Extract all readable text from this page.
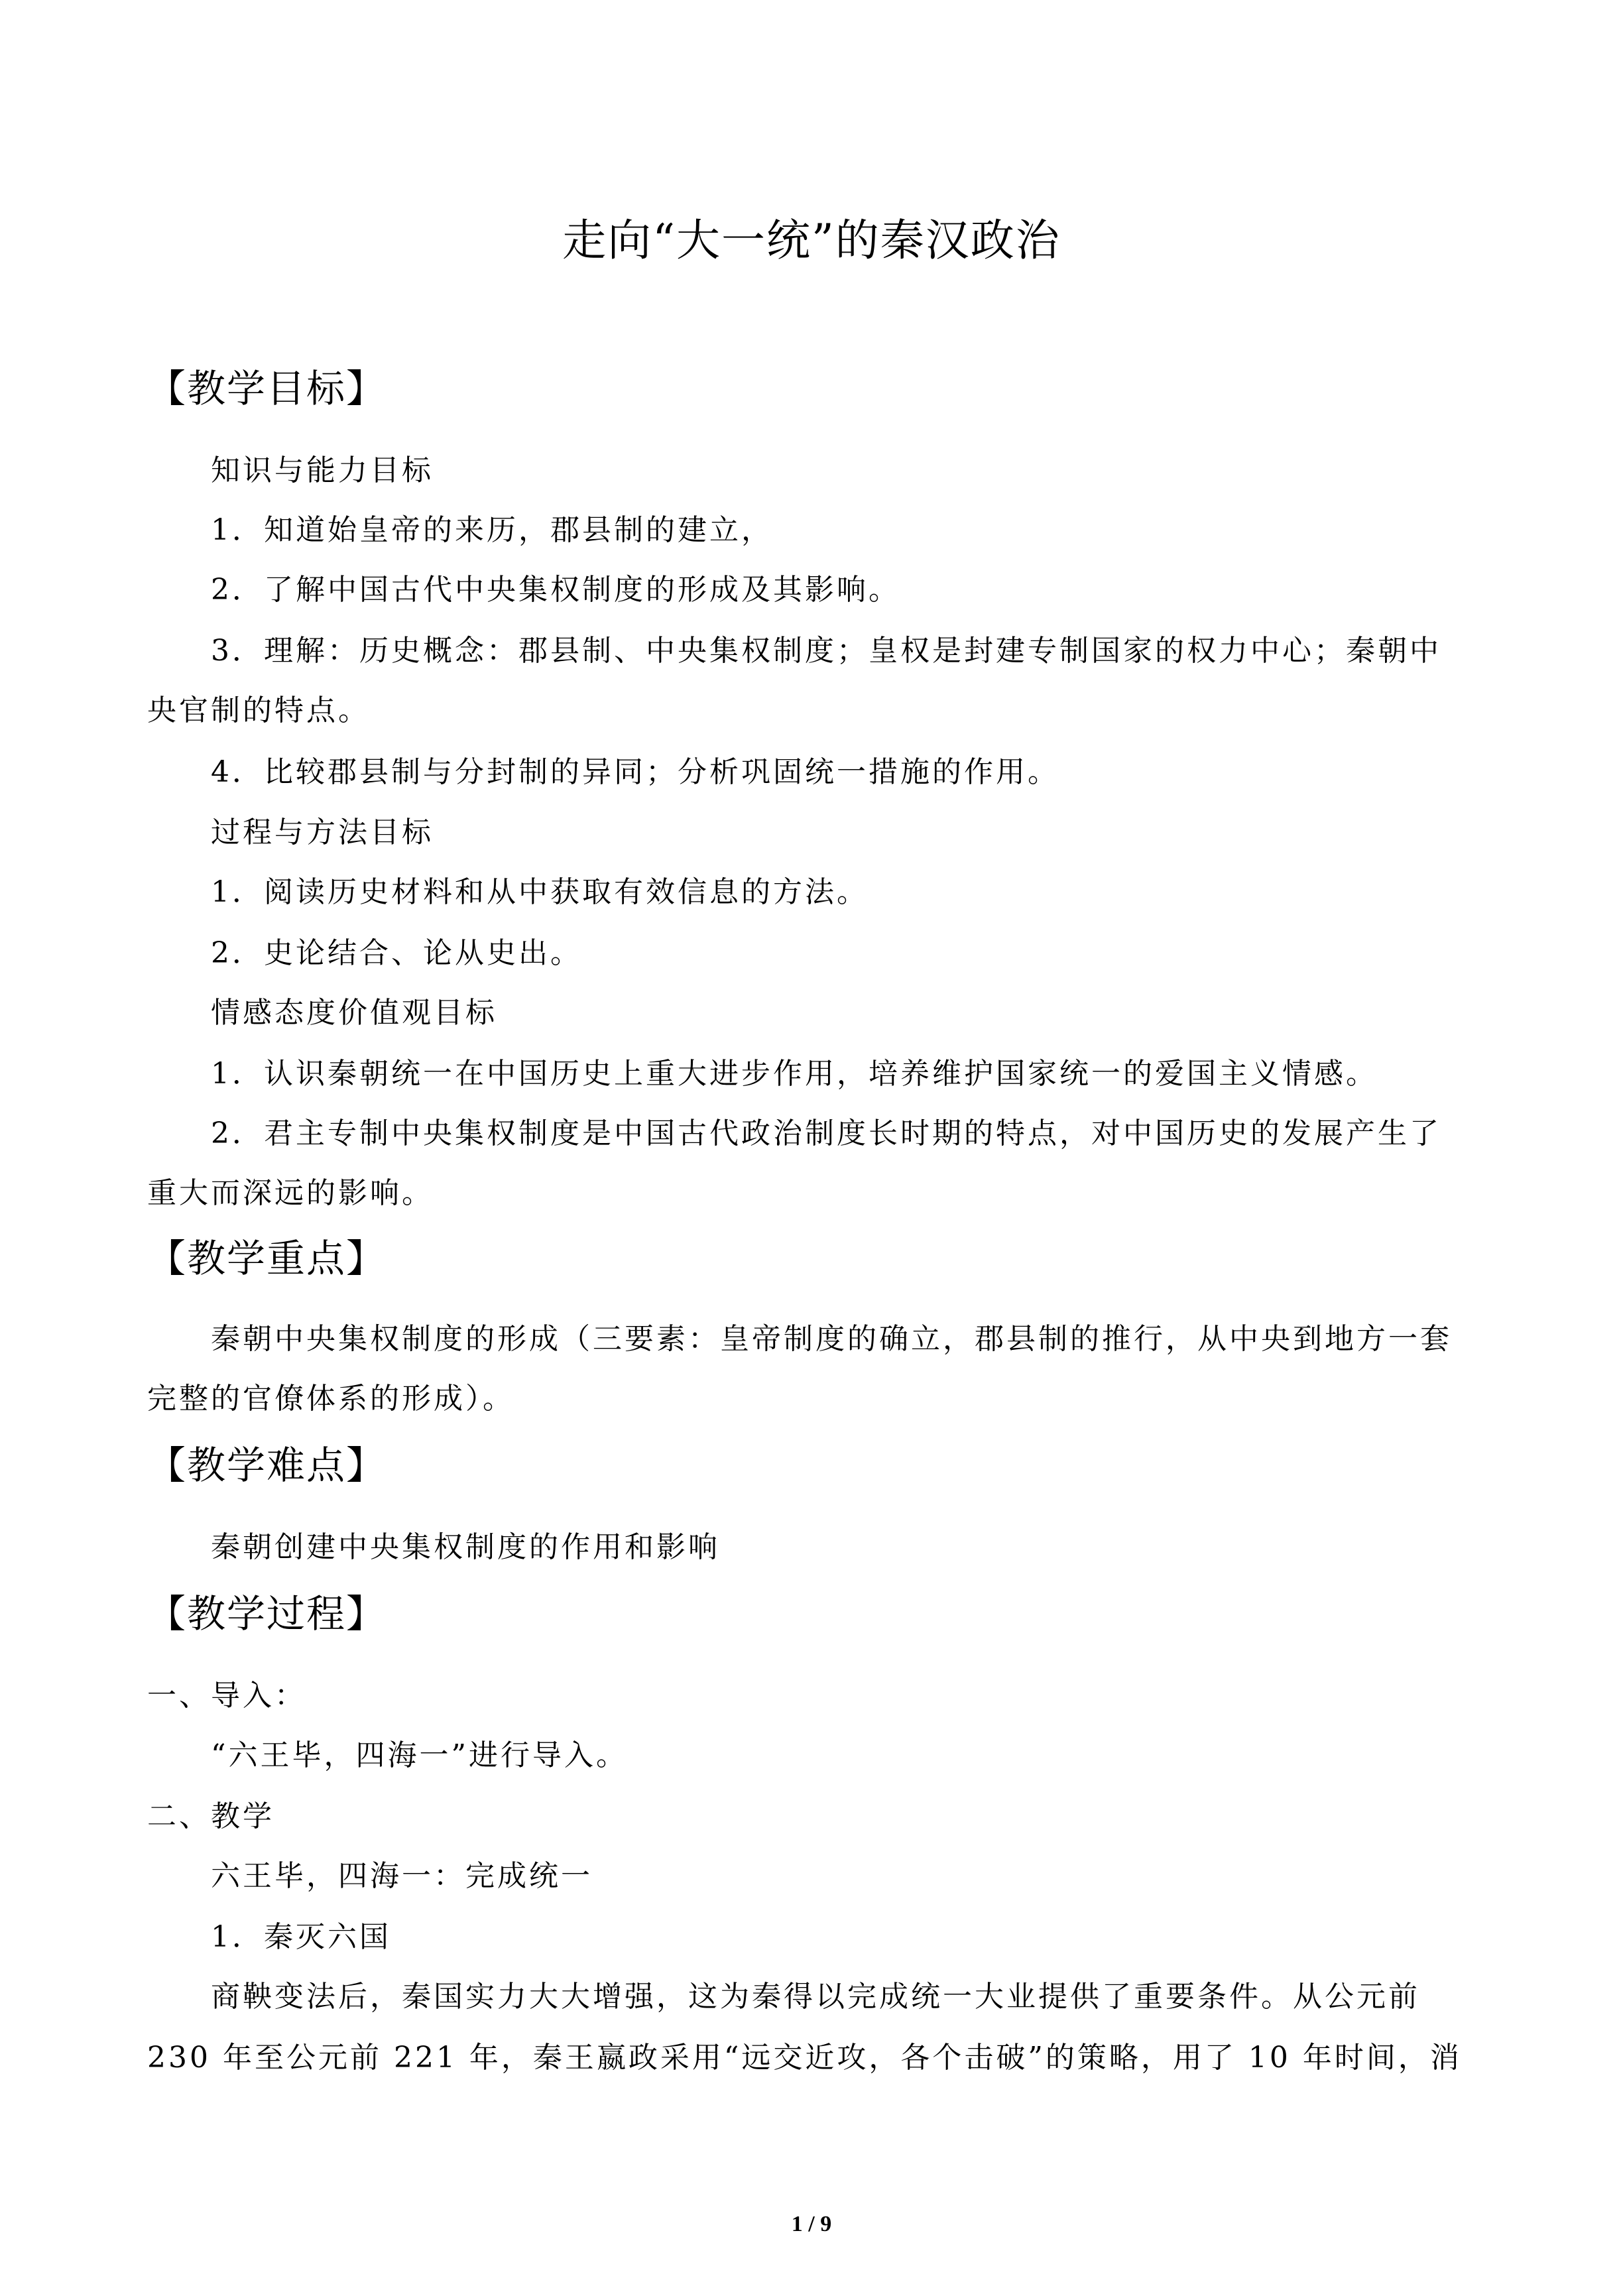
走向“大一统”的秦汉政治
【教学目标】
知识与能力目标
1．知道始皇帝的来历，郡县制的建立，
2．了解中国古代中央集权制度的形成及其影响。
3．理解：历史概念：郡县制、中央集权制度；皇权是封建专制国家的权力中心；秦朝中
央官制的特点。
4．比较郡县制与分封制的异同；分析巩固统一措施的作用。
过程与方法目标
1．阅读历史材料和从中获取有效信息的方法。
2．史论结合、论从史出。
情感态度价值观目标
1．认识秦朝统一在中国历史上重大进步作用，培养维护国家统一的爱国主义情感。
2．君主专制中央集权制度是中国古代政治制度长时期的特点，对中国历史的发展产生了
重大而深远的影响。
【教学重点】
秦朝中央集权制度的形成（三要素：皇帝制度的确立，郡县制的推行，从中央到地方一套
完整的官僚体系的形成）。
【教学难点】
秦朝创建中央集权制度的作用和影响
【教学过程】
一、导入：
“六王毕，四海一”进行导入。
二、教学
六王毕，四海一：完成统一
1．秦灭六国
商鞅变法后，秦国实力大大增强，这为秦得以完成统一大业提供了重要条件。从公元前
230 年至公元前 221 年，秦王嬴政采用“远交近攻，各个击破”的策略，用了 10 年时间，消
1 / 9
